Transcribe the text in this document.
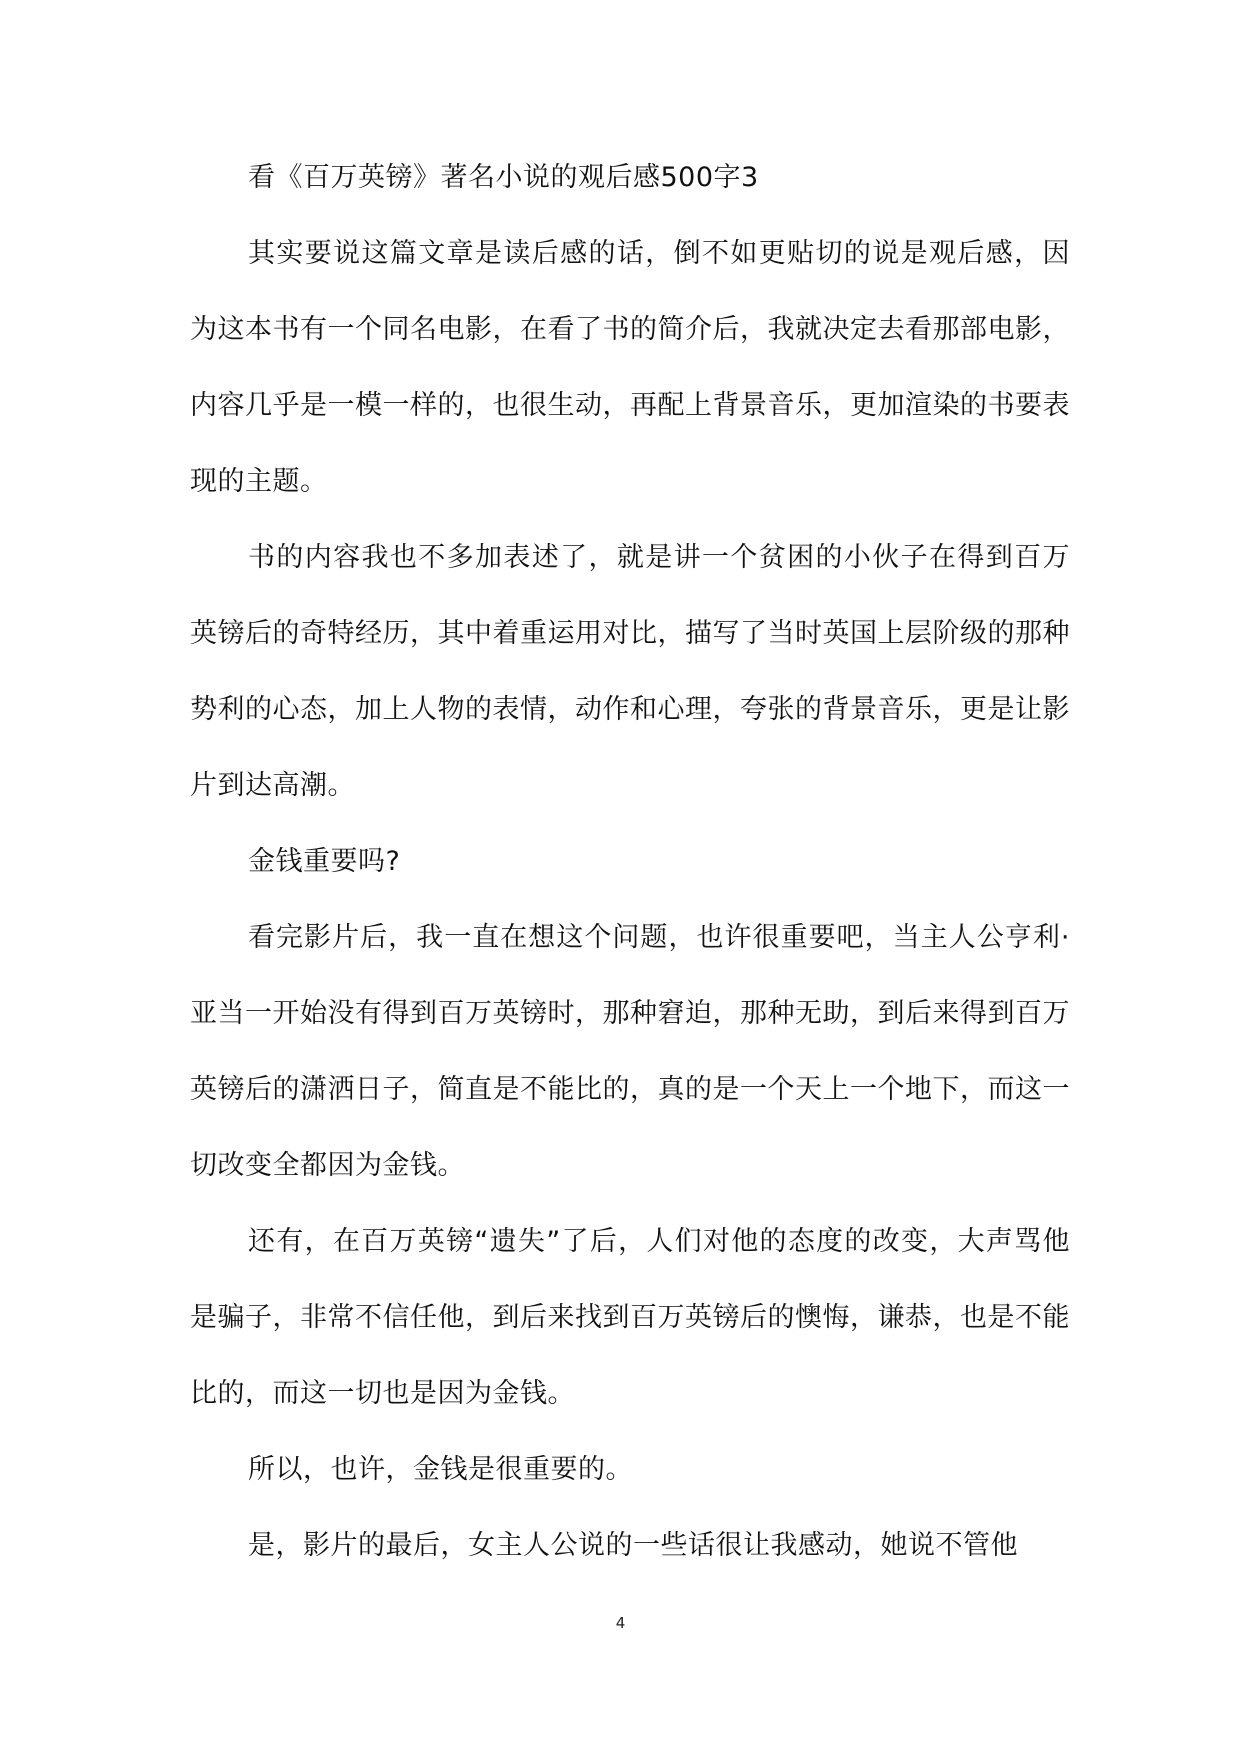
看《百万英镑》著名小说的观后感500字3

其实要说这篇文章是读后感的话，倒不如更贴切的说是观后感，因为这本书有一个同名电影，在看了书的简介后，我就决定去看那部电影，内容几乎是一模一样的，也很生动，再配上背景音乐，更加渲染的书要表现的主题。

书的内容我也不多加表述了，就是讲一个贫困的小伙子在得到百万英镑后的奇特经历，其中着重运用对比，描写了当时英国上层阶级的那种势利的心态，加上人物的表情，动作和心理，夸张的背景音乐，更是让影片到达高潮。

金钱重要吗?

看完影片后，我一直在想这个问题，也许很重要吧，当主人公亨利·亚当一开始没有得到百万英镑时，那种窘迫，那种无助，到后来得到百万英镑后的潇洒日子，简直是不能比的，真的是一个天上一个地下，而这一切改变全都因为金钱。

还有，在百万英镑“遗失”了后，人们对他的态度的改变，大声骂他是骗子，非常不信任他，到后来找到百万英镑后的懊悔，谦恭，也是不能比的，而这一切也是因为金钱。

所以，也许，金钱是很重要的。

是，影片的最后，女主人公说的一些话很让我感动，她说不管他

4
